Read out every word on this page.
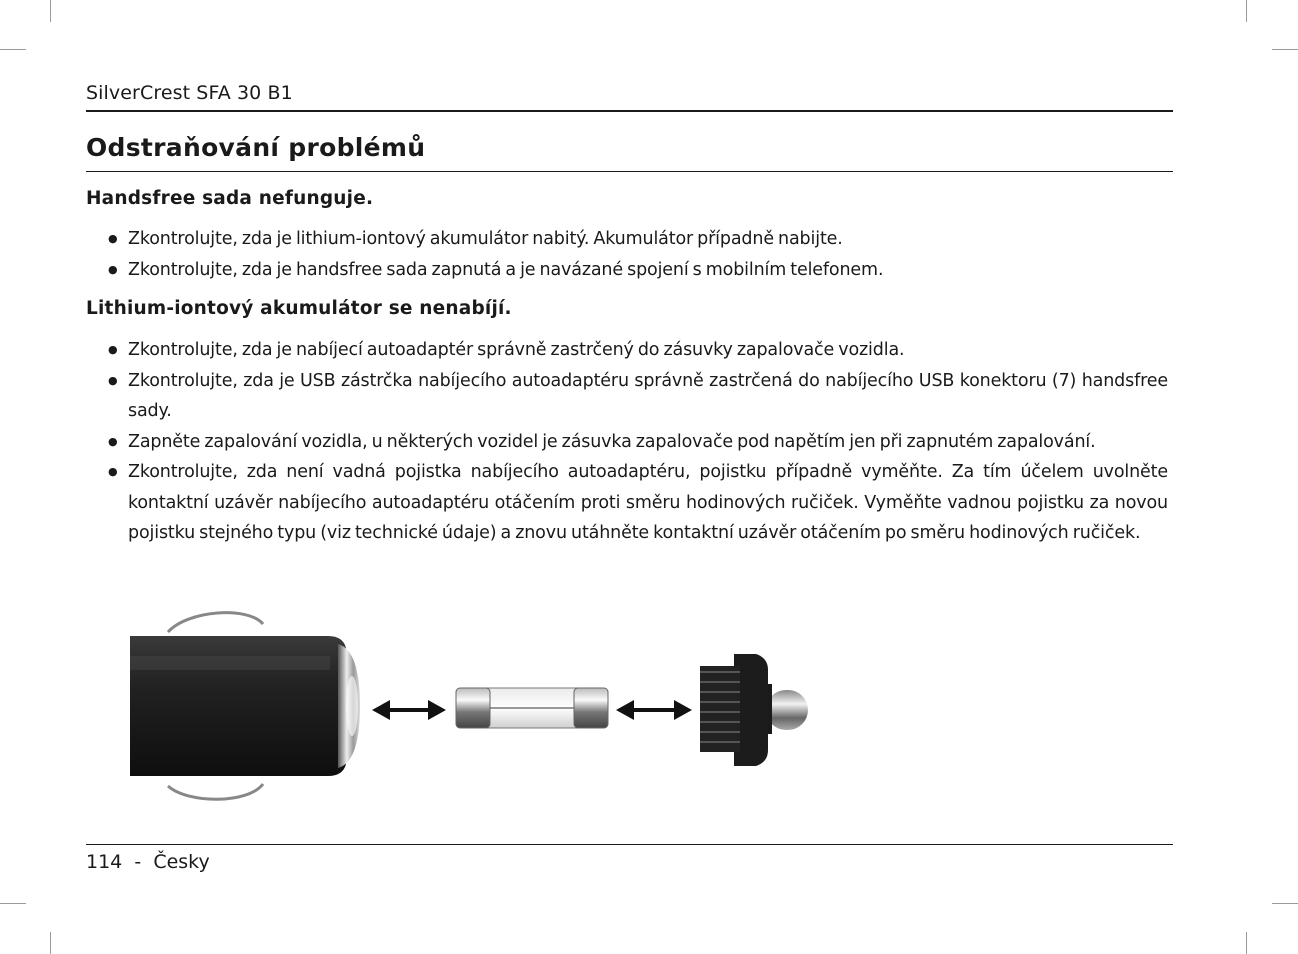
SilverCrest SFA 30 B1
Odstraňování problémů
Handsfree sada nefunguje.
● Zkontrolujte, zda je lithium-iontový akumulátor nabitý. Akumulátor případně nabijte.
● Zkontrolujte, zda je handsfree sada zapnutá a je navázané spojení s mobilním telefonem.
Lithium-iontový akumulátor se nenabíjí.
● Zkontrolujte, zda je nabíjecí autoadaptér správně zastrčený do zásuvky zapalovače vozidla.
● Zkontrolujte, zda je USB zástrčka nabíjecího autoadaptéru správně zastrčená do nabíjecího USB konektoru (7) handsfree sady.
● Zapněte zapalování vozidla, u některých vozidel je zásuvka zapalovače pod napětím jen při zapnutém zapalování.
● Zkontrolujte, zda není vadná pojistka nabíjecího autoadaptéru, pojistku případně vyměňte. Za tím účelem uvolněte kontaktní uzávěr nabíjecího autoadaptéru otáčením proti směru hodinových ručiček. Vyměňte vadnou pojistku za novou pojistku stejného typu (viz technické údaje) a znovu utáhněte kontaktní uzávěr otáčením po směru hodinových ručiček.
114 - Česky
